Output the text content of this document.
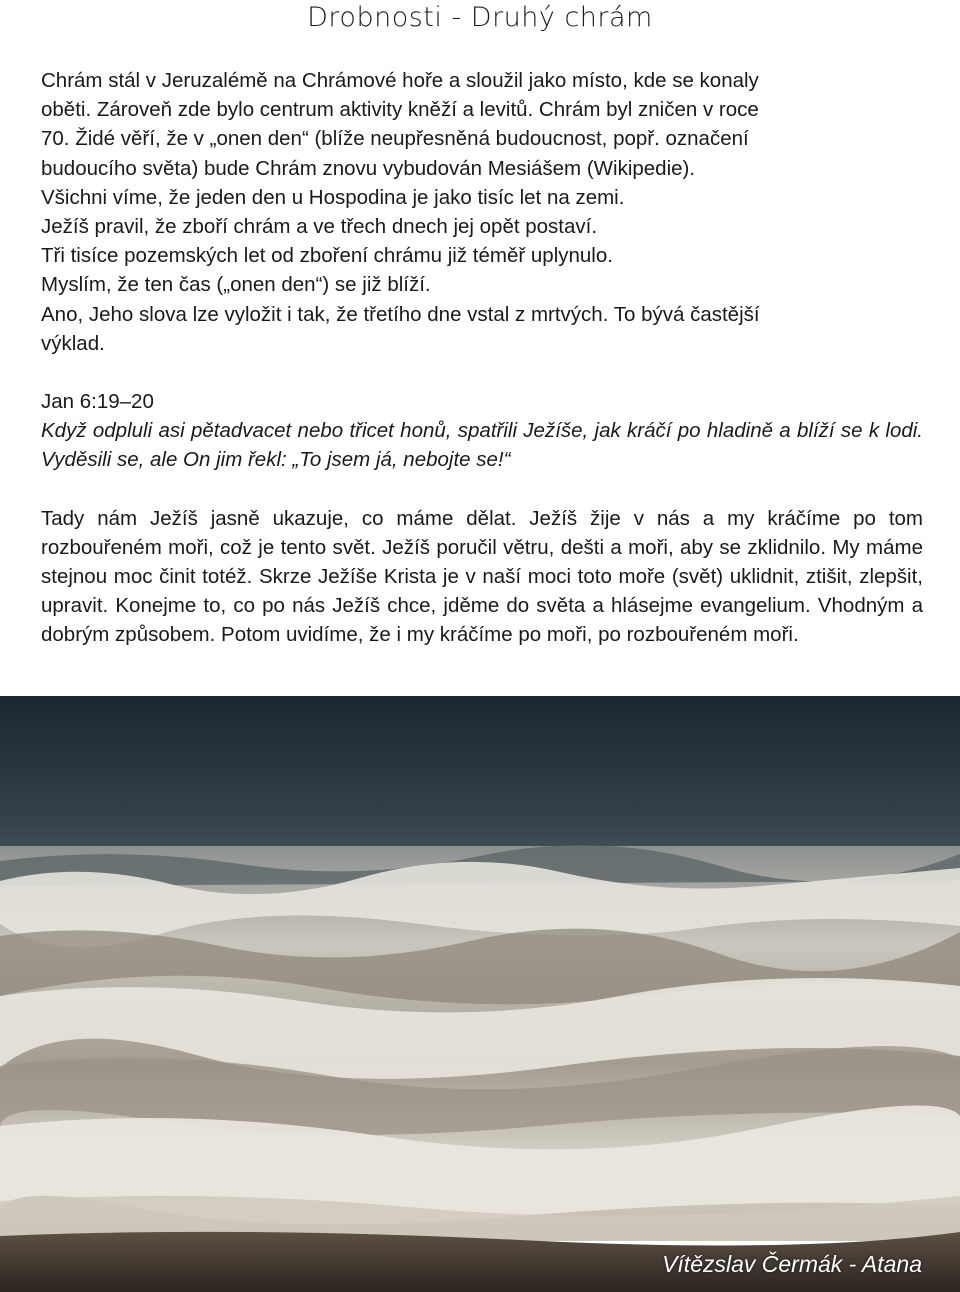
Drobnosti - Druhý chrám

Chrám stál v Jeruzalémě na Chrámové hoře a sloužil jako místo, kde se konaly

oběti. Zároveň zde bylo centrum aktivity kněží a levitů. Chrám byl zničen v roce

70. Židé věří, že v „onen den“ (blíže neupřesněná budoucnost, popř. označení

budoucího světa) bude Chrám znovu vybudován Mesiášem (Wikipedie).

Všichni víme, že jeden den u Hospodina je jako tisíc let na zemi.

Ježíš pravil, že zboří chrám a ve třech dnech jej opět postaví.

Tři tisíce pozemských let od zboření chrámu již téměř uplynulo.

Myslím, že ten čas („onen den“) se již blíží.

Ano, Jeho slova lze vyložit i tak, že třetího dne vstal z mrtvých. To bývá častější

výklad.

Jan 6:19–20

Když odpluli asi pětadvacet nebo třicet honů, spatřili Ježíše, jak kráčí po hladině a blíží se k lodi. Vyděsili se, ale On jim řekl: „To jsem já, nebojte se!“

Tady nám Ježíš jasně ukazuje, co máme dělat. Ježíš žije v nás a my kráčíme po tom rozbouřeném moři, což je tento svět. Ježíš poručil větru, dešti a moři, aby se zklidnilo. My máme stejnou moc činit totéž. Skrze Ježíše Krista je v naší moci toto moře (svět) uklidnit, ztišit, zlepšit, upravit. Konejme to, co po nás Ježíš chce, jděme do světa a hlásejme evangelium. Vhodným a dobrým způsobem. Potom uvidíme, že i my kráčíme po moři, po rozbouřeném moři.

Vítězslav Čermák - Atana
